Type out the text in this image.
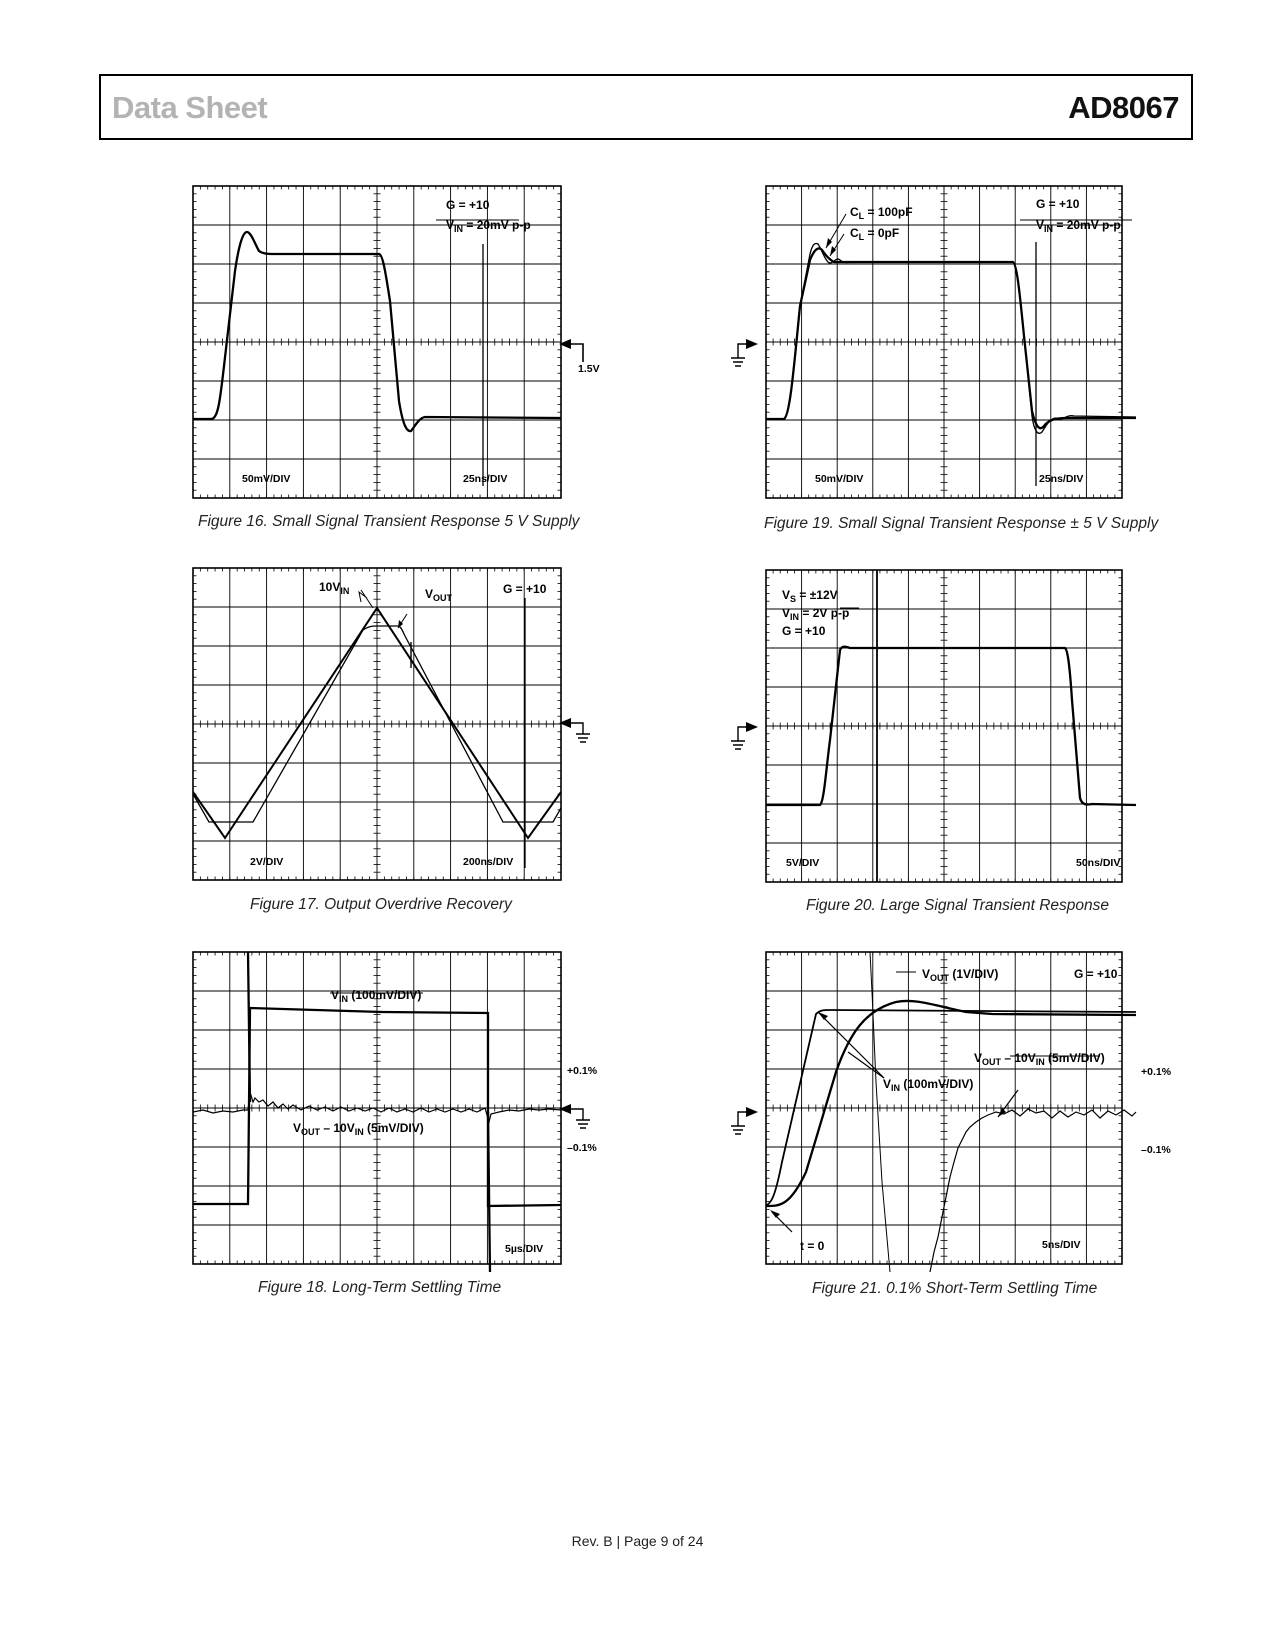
Data Sheet	AD8067
G = +10
$V_{IN} = 20mV$ p-p
50mV/DIV	25ns/DIV
1.5V
Figure 16. Small Signal Transient Response 5 V Supply
$C_L = 100pF$
$C_L = 0pF$
G = +10
$V_{IN} = 20mV$ p-p
50mV/DIV	25ns/DIV
Figure 19. Small Signal Transient Response ± 5 V Supply
$10V_{IN}$	$V_{OUT}$
G = +10
2V/DIV	200ns/DIV
Figure 17. Output Overdrive Recovery
$V_S = \pm 12V$
$V_{IN} = 2V$ p-p
G = +10
5V/DIV	50ns/DIV
Figure 20. Large Signal Transient Response
$V_{IN}$ (100mV/DIV)
$V_{OUT} - 10V_{IN}$ (5mV/DIV)
5µs/DIV
+0.1%
–0.1%
Figure 18. Long-Term Settling Time
$V_{OUT}$ (1V/DIV)	G = +10
$V_{OUT} - 10V_{IN}$ (5mV/DIV)
$V_{IN}$ (100mV/DIV)
t = 0	5ns/DIV
+0.1%
–0.1%
Figure 21. 0.1% Short-Term Settling Time
Rev. B | Page 9 of 24
